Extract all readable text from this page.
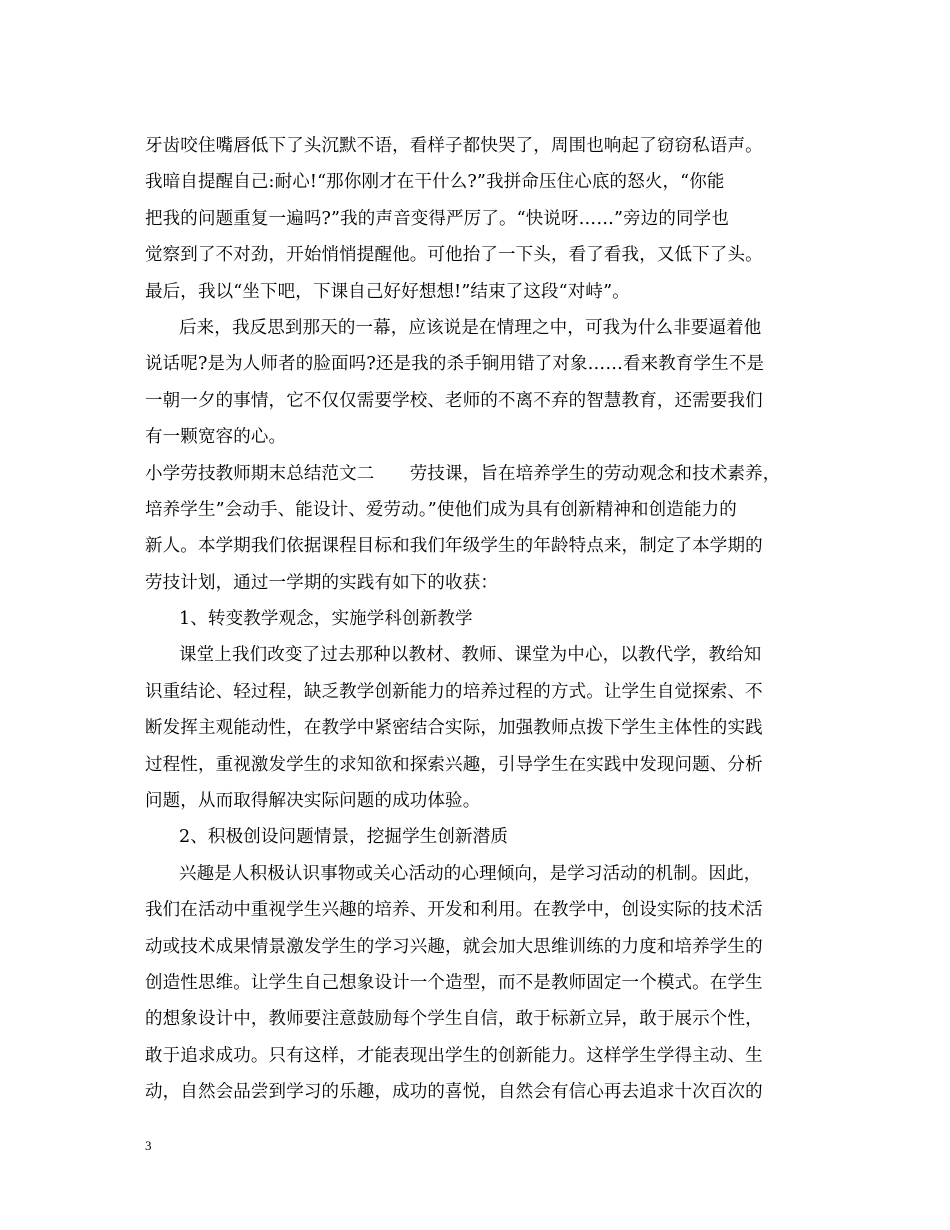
牙齿咬住嘴唇低下了头沉默不语，看样子都快哭了，周围也响起了窃窃私语声。
我暗自提醒自己:耐心!“那你刚才在干什么?”我拼命压住心底的怒火，“你能
把我的问题重复一遍吗?”我的声音变得严厉了。“快说呀……”旁边的同学也
觉察到了不对劲，开始悄悄提醒他。可他抬了一下头，看了看我，又低下了头。
最后，我以“坐下吧，下课自己好好想想!”结束了这段“对峙”。
后来，我反思到那天的一幕，应该说是在情理之中，可我为什么非要逼着他
说话呢?是为人师者的脸面吗?还是我的杀手锏用错了对象……看来教育学生不是
一朝一夕的事情，它不仅仅需要学校、老师的不离不弃的智慧教育，还需要我们
有一颗宽容的心。
小学劳技教师期末总结范文二　　劳技课，旨在培养学生的劳动观念和技术素养，
培养学生”会动手、能设计、爱劳动。”使他们成为具有创新精神和创造能力的
新人。本学期我们依据课程目标和我们年级学生的年龄特点来，制定了本学期的
劳技计划，通过一学期的实践有如下的收获：
1、转变教学观念，实施学科创新教学
课堂上我们改变了过去那种以教材、教师、课堂为中心，以教代学，教给知
识重结论、轻过程，缺乏教学创新能力的培养过程的方式。让学生自觉探索、不
断发挥主观能动性，在教学中紧密结合实际，加强教师点拨下学生主体性的实践
过程性，重视激发学生的求知欲和探索兴趣，引导学生在实践中发现问题、分析
问题，从而取得解决实际问题的成功体验。
2、积极创设问题情景，挖掘学生创新潜质
兴趣是人积极认识事物或关心活动的心理倾向，是学习活动的机制。因此，
我们在活动中重视学生兴趣的培养、开发和利用。在教学中，创设实际的技术活
动或技术成果情景激发学生的学习兴趣，就会加大思维训练的力度和培养学生的
创造性思维。让学生自己想象设计一个造型，而不是教师固定一个模式。在学生
的想象设计中，教师要注意鼓励每个学生自信，敢于标新立异，敢于展示个性，
敢于追求成功。只有这样，才能表现出学生的创新能力。这样学生学得主动、生
动，自然会品尝到学习的乐趣，成功的喜悦，自然会有信心再去追求十次百次的
3
